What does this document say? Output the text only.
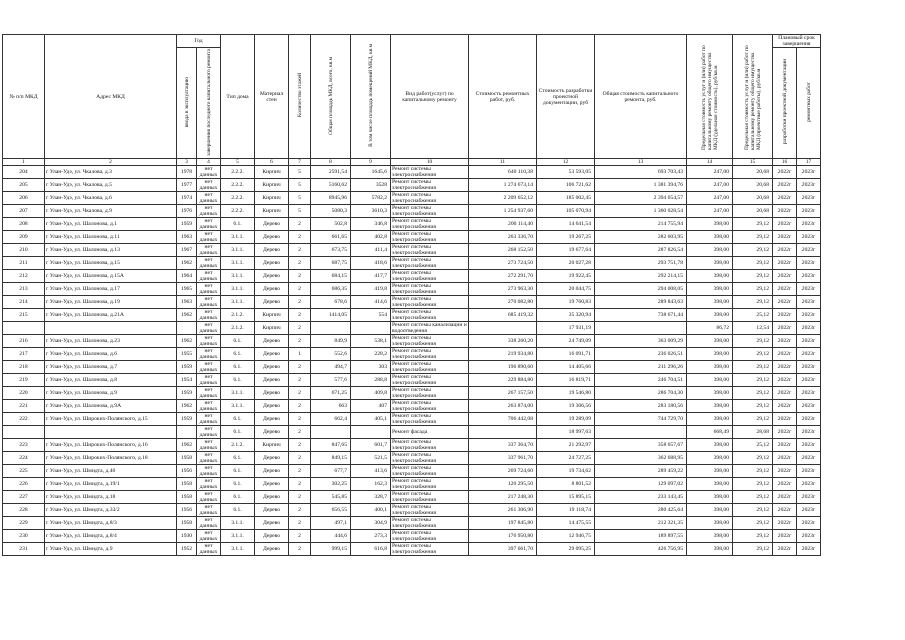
№ п/п МКД	Адрес МКД	Год		Тип дома	Материал стен	Количество этажей	Общая площадь МКД, всего, кв.м	В том числе площадь помещений МКД, кв.м	Вид работ(услуг) по капитальному ремонту	Стоимость ремонтных работ, руб.	Стоимость разработки проектной документации, руб	Общая стоимость капитального ремонта, руб.	Предельная стоимость услуг и (или) работ по капитальному ремонту общего имущества МКД (удельная стоимость), руб/кв.м	Предельная стоимость услуг и (или) работ по капитальному ремонту общего имущества МКД (проектные работы), руб/кв.м	Плановый срок завершения	
		ввода в эксплуатацию	завершения последнего капитального ремонта												разработки проектной документации	ремонтных работ
1	2	3	4	5	6	7	8	9	10	11	12	13	14	15	16	17
204	г Улан-Удэ, ул. Чкалова, д.3	1978	нет данных	2.2.2.	Кирпич	5	2591,54	1645,6	Ремонт системы электроснабжения	640 110,38	53 593,05	693 703,43	247,00	20,68	2022г	2023г
205	г Улан-Удэ, ул. Чкалова, д.5	1977	нет данных	2.2.2.	Кирпич	5	5160,62	3528	Ремонт системы электроснабжения	1 274 673,14	106 721,62	1 381 394,76	247,00	20,68	2022г	2023г
206	г Улан-Удэ, ул. Чкалова, д.6	1974	нет данных	2.2.2.	Кирпич	5	8945,96	5782,2	Ремонт системы электроснабжения	2 209 652,12	185 002,45	2 394 654,57	247,00	20,68	2022г	2023г
207	г Улан-Удэ, ул. Чкалова, д.9	1976	нет данных	2.2.2.	Кирпич	5	5080,3	3610,3	Ремонт системы электроснабжения	1 254 937,60	105 070,94	1 360 028,54	247,00	20,68	2022г	2023г
208	г Улан-Удэ, ул. Шалонова, д.1	1959	нет данных	6.1.	Дерево	2	502,8	346,8	Ремонт системы электроснабжения	200 114,40	14 641,54	214 755,94	398,00	29,12	2022г	2023г
209	г Улан-Удэ, ул. Шалонова, д.11	1963	нет данных	3.1.1.	Дерево	2	661,65	402,8	Ремонт системы электроснабжения	263 336,70	19 267,25	282 603,95	398,00	29,12	2022г	2023г
210	г Улан-Удэ, ул. Шалонова, д.13	1967	нет данных	3.1.1.	Дерево	2	673,75	411,4	Ремонт системы электроснабжения	268 152,50	19 677,64	287 826,54	398,00	29,12	2022г	2023г
211	г Улан-Удэ, ул. Шалонова, д.15	1962	нет данных	3.1.1.	Дерево	2	687,75	418,6	Ремонт системы электроснабжения	273 724,50	20 027,28	293 751,78	398,00	29,12	2022г	2023г
212	г Улан-Удэ, ул. Шалонова, д.15А	1964	нет данных	3.1.1.	Дерево	2	684,15	417,7	Ремонт системы электроснабжения	272 291,70	19 922,45	292 214,15	398,00	29,12	2022г	2023г
213	г Улан-Удэ, ул. Шалонова, д.17	1965	нет данных	3.1.1.	Дерево	2	686,35	419,8	Ремонт системы электроснабжения	273 963,30	20 044,75	294 008,05	398,00	29,12	2022г	2023г
214	г Улан-Удэ, ул. Шалонова, д.19	1963	нет данных	3.1.1.	Дерево	2	678,6	414,6	Ремонт системы электроснабжения	270 082,80	19 760,83	289 843,63	398,00	29,12	2022г	2023г
215	г Улан-Удэ, ул. Шалонова, д.21А	1962	нет данных	2.1.2.	Кирпич	2	1414,05	554	Ремонт системы электроснабжения	685 419,32	35 320,94	738 671,44	398,00	25,12	2022г	2023г
			нет данных	2.1.2.	Кирпич	2			Ремонт системы канализации и водоотведения		17 931,19		86,72	12,54	2022г	2023г
216	г Улан-Удэ, ул. Шалонова, д.23	1962	нет данных	6.1.	Дерево	2	849,9	538,1	Ремонт системы электроснабжения	338 260,20	24 749,09	363 009,29	398,00	29,12	2022г	2023г
217	г Улан-Удэ, ул. Шалонова, д.6	1955	нет данных	6.1.	Дерево	1	552,6	228,2	Ремонт системы электроснабжения	219 934,80	16 091,71	236 026,51	398,00	29,12	2022г	2023г
218	г Улан-Удэ, ул. Шалонова, д.7	1959	нет данных	6.1.	Дерево	2	494,7	303	Ремонт системы электроснабжения	196 890,60	14 405,66	211 296,26	398,00	29,12	2022г	2023г
219	г Улан-Удэ, ул. Шалонова, д.8	1954	нет данных	6.1.	Дерево	2	577,6	288,8	Ремонт системы электроснабжения	229 884,80	16 819,71	246 704,51	398,00	29,12	2022г	2023г
220	г Улан-Удэ, ул. Шалонова, д.9	1959	нет данных	3.1.1.	Дерево	2	671,25	409,8	Ремонт системы электроснабжения	267 157,50	19 546,80	286 704,30	398,00	29,12	2022г	2023г
221	г Улан-Удэ, ул. Шалонова, д.9А	1962	нет данных	3.1.1.	Дерево	2	663	407	Ремонт системы электроснабжения	263 874,00	19 306,56	283 180,56	398,00	29,12	2022г	2023г
222	г Улан-Удэ, ул. Широких-Полянского, д.15	1959	нет данных	6.1.	Дерево	2	662,4	405,1	Ремонт системы электроснабжения	706 442,08	19 289,09	744 729,70	398,00	29,12	2022г	2023г
			нет данных	6.1.	Дерево	2			Ремонт фасада		18 997,63		668,49	28,68	2022г	2023г
223	г Улан-Удэ, ул. Широких-Полянского, д.16	1962	нет данных	2.1.2.	Кирпич	2	847,65	601,7	Ремонт системы электроснабжения	337 364,70	21 292,97	358 657,67	398,00	25,12	2022г	2023г
224	г Улан-Удэ, ул. Широких-Полянского, д.18	1958	нет данных	6.1.	Дерево	2	849,15	521,5	Ремонт системы электроснабжения	337 961,70	24 727,25	362 688,95	398,00	29,12	2022г	2023г
225	г Улан-Удэ, ул. Шмидта, д.40	1956	нет данных	6.1.	Дерево	2	677,7	413,6	Ремонт системы электроснабжения	269 724,60	19 734,62	289 459,22	398,00	29,12	2022г	2023г
226	г Улан-Удэ, ул. Шмидта, д.19/1	1958	нет данных	6.1.	Дерево	2	302,25	162,3	Ремонт системы электроснабжения	120 295,50	8 801,52	129 097,02	398,00	29,12	2022г	2023г
227	г Улан-Удэ, ул. Шмидта, д.18	1958	нет данных	6.1.	Дерево	2	545,85	328,7	Ремонт системы электроснабжения	217 248,30	15 895,15	233 143,45	398,00	29,12	2022г	2023г
228	г Улан-Удэ, ул. Шмидта, д.33/2	1956	нет данных	6.1.	Дерево	2	656,55	400,1	Ремонт системы электроснабжения	261 306,90	19 118,74	280 425,64	398,00	29,12	2022г	2023г
229	г Улан-Удэ, ул. Шмидта, д.8/3	1958	нет данных	3.1.1.	Дерево	2	497,1	304,9	Ремонт системы электроснабжения	197 845,80	14 475,55	212 321,35	398,00	29,12	2022г	2023г
230	г Улан-Удэ, ул. Шмидта, д.8/4	1930	нет данных	3.1.1.	Дерево	2	444,6	273,3	Ремонт системы электроснабжения	176 950,80	12 946,75	189 897,55	398,00	29,12	2022г	2023г
231	г Улан-Удэ, ул. Шмидта, д.9	1952	нет данных	3.1.1.	Дерево	2	999,15	616,8	Ремонт системы электроснабжения	397 661,70	29 095,25	426 756,95	398,00	29,12	2022г	2023г
